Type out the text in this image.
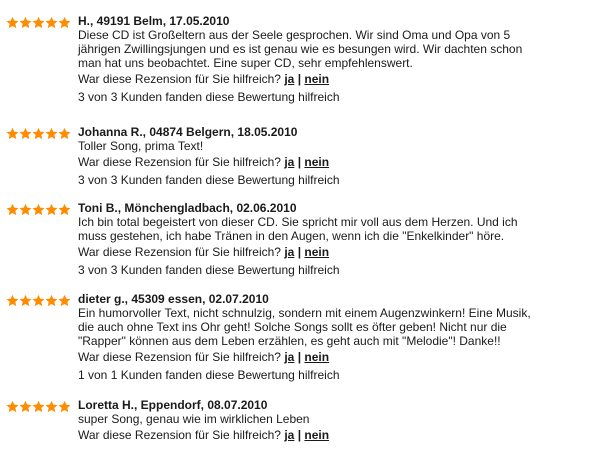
H., 49191 Belm, 17.05.2010
Diese CD ist Großeltern aus der Seele gesprochen. Wir sind Oma und Opa von 5
jährigen Zwillingsjungen und es ist genau wie es besungen wird. Wir dachten schon
man hat uns beobachtet. Eine super CD, sehr empfehlenswert.
War diese Rezension für Sie hilfreich? ja | nein
3 von 3 Kunden fanden diese Bewertung hilfreich
Johanna R., 04874 Belgern, 18.05.2010
Toller Song, prima Text!
War diese Rezension für Sie hilfreich? ja | nein
3 von 3 Kunden fanden diese Bewertung hilfreich
Toni B., Mönchengladbach, 02.06.2010
Ich bin total begeistert von dieser CD. Sie spricht mir voll aus dem Herzen. Und ich
muss gestehen, ich habe Tränen in den Augen, wenn ich die "Enkelkinder" höre.
War diese Rezension für Sie hilfreich? ja | nein
3 von 3 Kunden fanden diese Bewertung hilfreich
dieter g., 45309 essen, 02.07.2010
Ein humorvoller Text, nicht schnulzig, sondern mit einem Augenzwinkern! Eine Musik,
die auch ohne Text ins Ohr geht! Solche Songs sollt es öfter geben! Nicht nur die
"Rapper" können aus dem Leben erzählen, es geht auch mit "Melodie"! Danke!!
War diese Rezension für Sie hilfreich? ja | nein
1 von 1 Kunden fanden diese Bewertung hilfreich
Loretta H., Eppendorf, 08.07.2010
super Song, genau wie im wirklichen Leben
War diese Rezension für Sie hilfreich? ja | nein
